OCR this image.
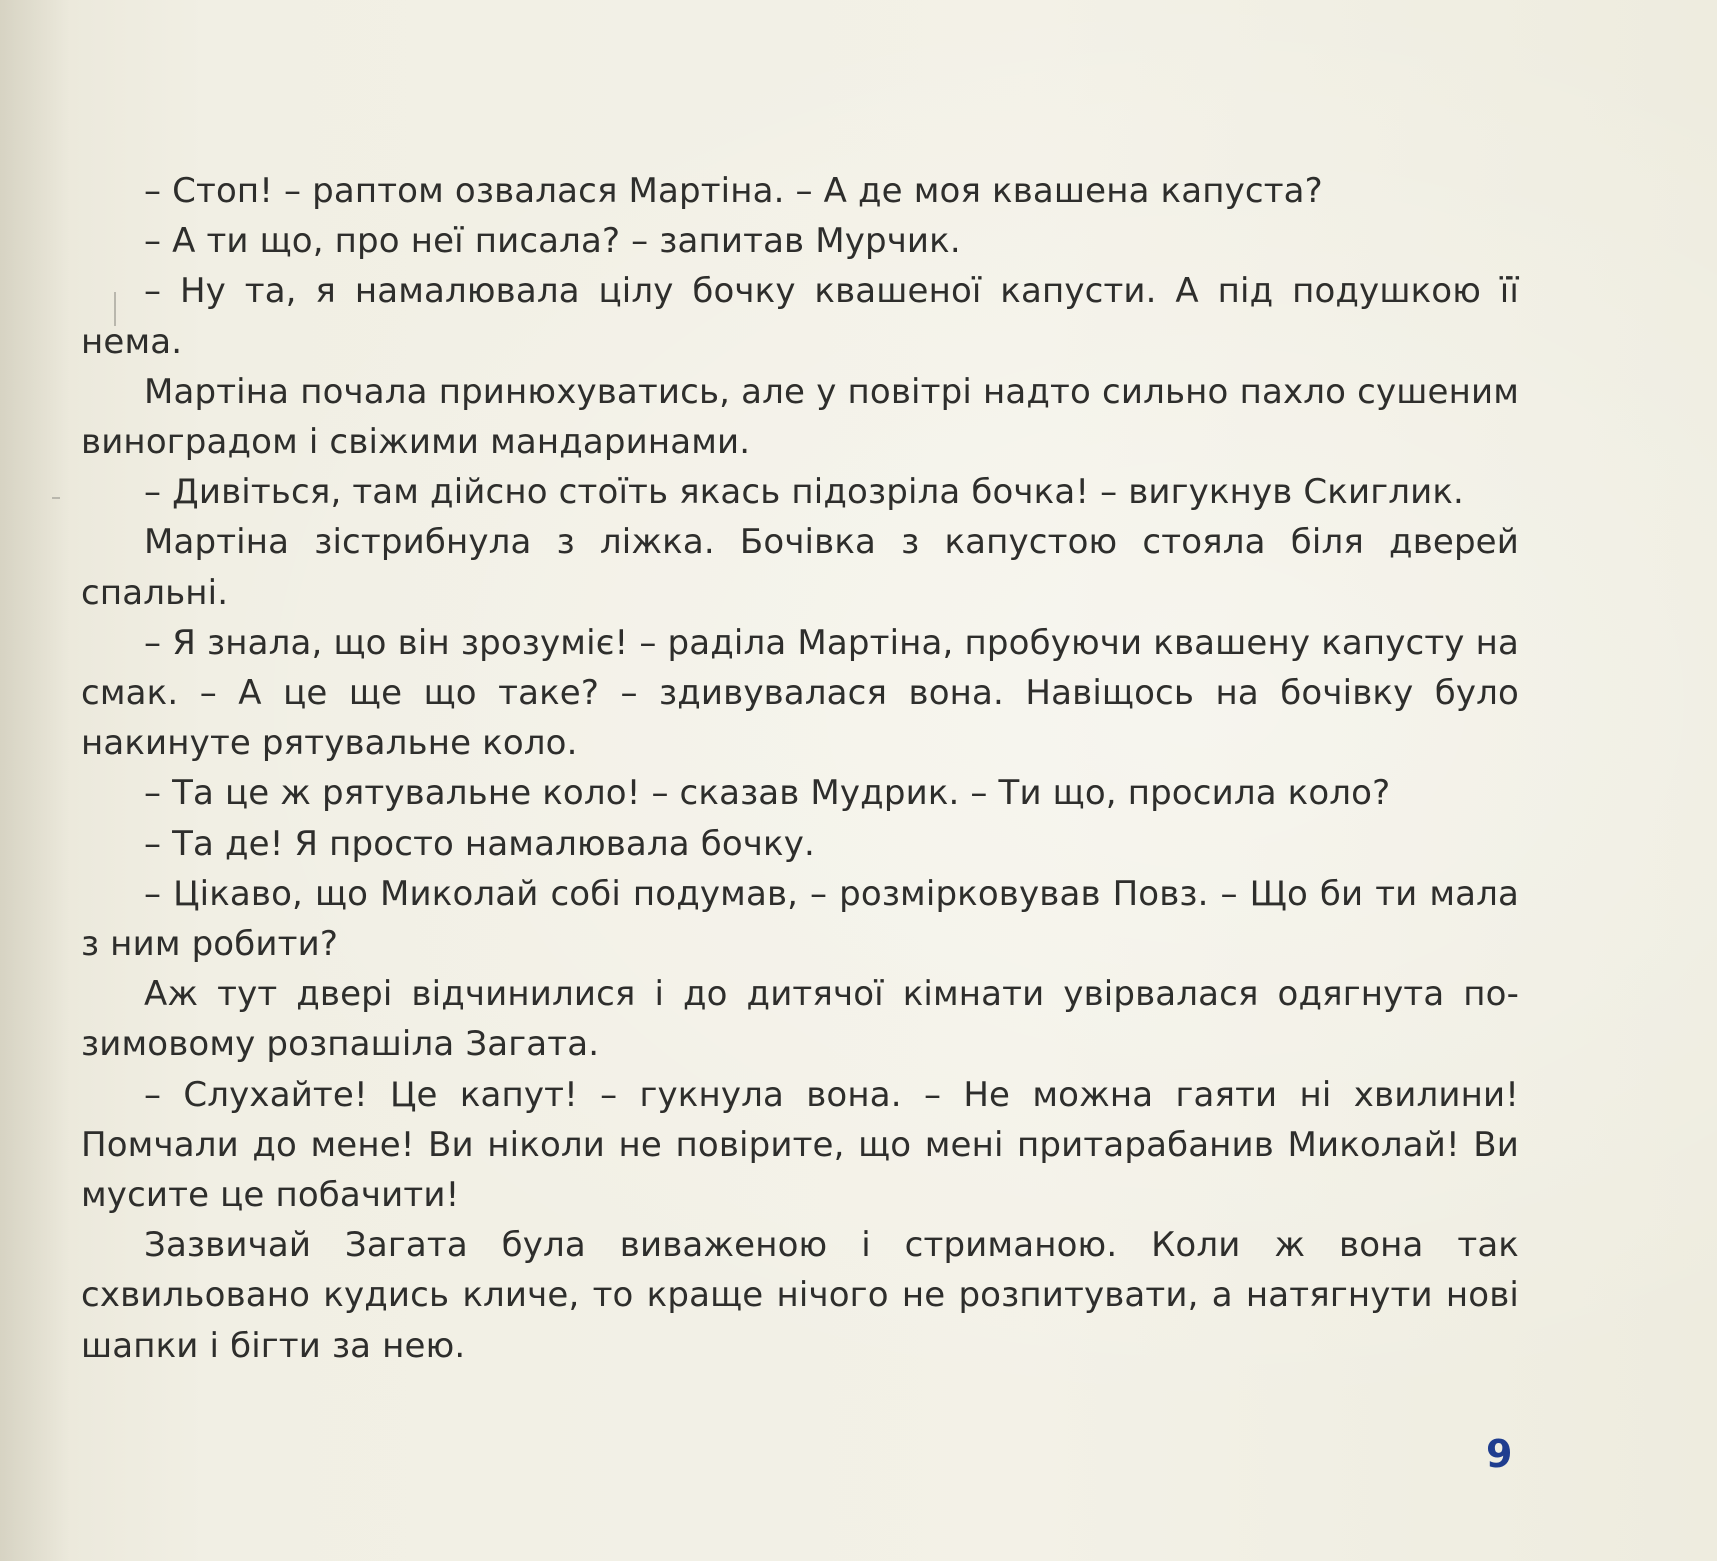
– Стоп! – раптом озвалася Мартіна. – А де моя квашена капуста?

– А ти що, про неї писала? – запитав Мурчик.

– Ну та, я намалювала цілу бочку квашеної капусти. А під подушкою її нема.

Мартіна почала принюхуватись, але у повітрі надто сильно пахло сушеним виноградом і свіжими мандаринами.

– Дивіться, там дійсно стоїть якась підозріла бочка! – вигукнув Скиглик.

Мартіна зістрибнула з ліжка. Бочівка з капустою стояла біля дверей спальні.

– Я знала, що він зрозуміє! – раділа Мартіна, пробуючи квашену капусту на смак. – А це ще що таке? – здивувалася вона. Навіщось на бочівку було накинуте рятувальне коло.

– Та це ж рятувальне коло! – сказав Мудрик. – Ти що, просила коло?

– Та де! Я просто намалювала бочку.

– Цікаво, що Миколай собі подумав, – розмірковував Повз. – Що би ти мала з ним робити?

Аж тут двері відчинилися і до дитячої кімнати увірвалася одягнута по-зимовому розпашіла Загата.

– Слухайте! Це капут! – гукнула вона. – Не можна гаяти ні хвилини! Помчали до мене! Ви ніколи не повірите, що мені притарабанив Миколай! Ви мусите це побачити!

Зазвичай Загата була виваженою і стриманою. Коли ж вона так схвильовано кудись кличе, то краще нічого не розпитувати, а натягнути нові шапки і бігти за нею.

9
